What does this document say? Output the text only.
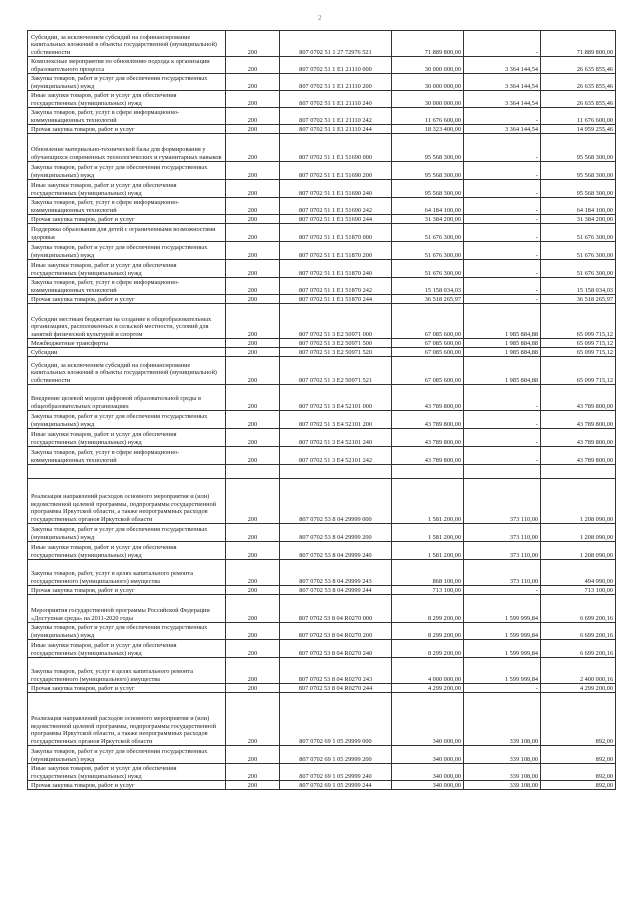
2
Субсидии, за исключением субсидий на софинансирование капитальных вложений в объекты государственной (муниципальной) собственности	200	807 0702 51 1 27 72976 521	71 889 800,00	-	71 889 800,00
Комплексные мероприятия по обновлению подхода к организации образовательного процесса	200	807 0702 51 1 E1 21110 000	30 000 000,00	3 364 144,54	26 635 855,46
Закупка товаров, работ и услуг для обеспечения государственных (муниципальных) нужд	200	807 0702 51 1 E1 21110 200	30 000 000,00	3 364 144,54	26 635 855,46
Иные закупки товаров, работ и услуг для обеспечения государственных (муниципальных) нужд	200	807 0702 51 1 E1 21110 240	30 000 000,00	3 364 144,54	26 635 855,46
Закупка товаров, работ, услуг в сфере информационно-коммуникационных технологий	200	807 0702 51 1 E1 21110 242	11 676 600,00	-	11 676 600,00
Прочая закупка товаров, работ и услуг	200	807 0702 51 1 E1 21110 244	18 323 400,00	3 364 144,54	14 959 255,46
Обновление материально-технической базы для формирования у обучающихся современных технологических и гуманитарных навыков	200	807 0702 51 1 E1 51690 000	95 568 300,00	-	95 568 300,00
Закупка товаров, работ и услуг для обеспечения государственных (муниципальных) нужд	200	807 0702 51 1 E1 51690 200	95 568 300,00	-	95 568 300,00
Иные закупки товаров, работ и услуг для обеспечения государственных (муниципальных) нужд	200	807 0702 51 1 E1 51690 240	95 568 300,00	-	95 568 300,00
Закупка товаров, работ, услуг в сфере информационно-коммуникационных технологий	200	807 0702 51 1 E1 51690 242	64 184 100,00	-	64 184 100,00
Прочая закупка товаров, работ и услуг	200	807 0702 51 1 E1 51690 244	31 384 200,00	-	31 384 200,00
Поддержка образования для детей с ограниченными возможностями здоровья	200	807 0702 51 1 E1 51870 000	51 676 300,00	-	51 676 300,00
Закупка товаров, работ и услуг для обеспечения государственных (муниципальных) нужд	200	807 0702 51 1 E1 51870 200	51 676 300,00	-	51 676 300,00
Иные закупки товаров, работ и услуг для обеспечения государственных (муниципальных) нужд	200	807 0702 51 1 E1 51870 240	51 676 300,00	-	51 676 300,00
Закупка товаров, работ, услуг в сфере информационно-коммуникационных технологий	200	807 0702 51 1 E1 51870 242	15 158 034,03	-	15 158 034,03
Прочая закупка товаров, работ и услуг	200	807 0702 51 1 E1 51870 244	36 518 265,97	-	36 518 265,97
Субсидии местным бюджетам на создание в общеобразовательных организациях, расположенных в сельской местности, условий для занятий физической культурой и спортом	200	807 0702 51 3 E2 50971 000	67 085 600,00	1 985 884,88	65 099 715,12
Межбюджетные трансферты	200	807 0702 51 3 E2 50971 500	67 085 600,00	1 985 884,88	65 099 715,12
Субсидии	200	807 0702 51 3 E2 50971 520	67 085 600,00	1 985 884,88	65 099 715,12
Субсидии, за исключением субсидий на софинансирование капитальных вложений в объекты государственной (муниципальной) собственности	200	807 0702 51 3 E2 50971 521	67 085 600,00	1 985 884,88	65 099 715,12
Внедрение целевой модели цифровой образовательной среды в общеобразовательных организациях	200	807 0702 51 3 E4 52101 000	43 789 800,00	-	43 789 800,00
Закупка товаров, работ и услуг для обеспечения государственных (муниципальных) нужд	200	807 0702 51 3 E4 52101 200	43 789 800,00	-	43 789 800,00
Иные закупки товаров, работ и услуг для обеспечения государственных (муниципальных) нужд	200	807 0702 51 3 E4 52101 240	43 789 800,00	-	43 789 800,00
Закупка товаров, работ, услуг в сфере информационно-коммуникационных технологий	200	807 0702 51 3 E4 52101 242	43 789 800,00	-	43 789 800,00

Реализация направлений расходов основного мероприятия и (или) ведомственной целевой программы, подпрограммы государственной программы Иркутской области, а также непрограммных расходов государственных органов Иркутской области	200	807 0702 53 8 04 29999 000	1 581 200,00	373 110,00	1 208 090,00
Закупка товаров, работ и услуг для обеспечения государственных (муниципальных) нужд	200	807 0702 53 8 04 29999 200	1 581 200,00	373 110,00	1 208 090,00
Иные закупки товаров, работ и услуг для обеспечения государственных (муниципальных) нужд	200	807 0702 53 8 04 29999 240	1 581 200,00	373 110,00	1 208 090,00
Закупка товаров, работ, услуг в целях капитального ремонта государственного (муниципального) имущества	200	807 0702 53 8 04 29999 243	868 100,00	373 110,00	494 990,00
Прочая закупка товаров, работ и услуг	200	807 0702 53 8 04 29999 244	713 100,00	-	713 100,00
Мероприятия государственной программы Российской Федерации «Доступная среда» на 2011-2020 годы	200	807 0702 53 8 04 R0270 000	8 299 200,00	1 599 999,84	6 699 200,16
Закупка товаров, работ и услуг для обеспечения государственных (муниципальных) нужд	200	807 0702 53 8 04 R0270 200	8 299 200,00	1 599 999,84	6 699 200,16
Иные закупки товаров, работ и услуг для обеспечения государственных (муниципальных) нужд	200	807 0702 53 8 04 R0270 240	8 299 200,00	1 599 999,84	6 699 200,16
Закупка товаров, работ, услуг в целях капитального ремонта государственного (муниципального) имущества	200	807 0702 53 8 04 R0270 243	4 000 000,00	1 599 999,84	2 400 000,16
Прочая закупка товаров, работ и услуг	200	807 0702 53 8 04 R0270 244	4 299 200,00	-	4 299 200,00
Реализация направлений расходов основного мероприятия и (или) ведомственной целевой программы, подпрограммы государственной программы Иркутской области, а также непрограммных расходов государственных органов Иркутской области	200	807 0702 69 1 05 29999 000	340 000,00	339 108,00	892,00
Закупка товаров, работ и услуг для обеспечения государственных (муниципальных) нужд	200	807 0702 69 1 05 29999 200	340 000,00	339 108,00	892,00
Иные закупки товаров, работ и услуг для обеспечения государственных (муниципальных) нужд	200	807 0702 69 1 05 29999 240	340 000,00	339 108,00	892,00
Прочая закупка товаров, работ и услуг	200	807 0702 69 1 05 29999 244	340 000,00	339 108,00	892,00
